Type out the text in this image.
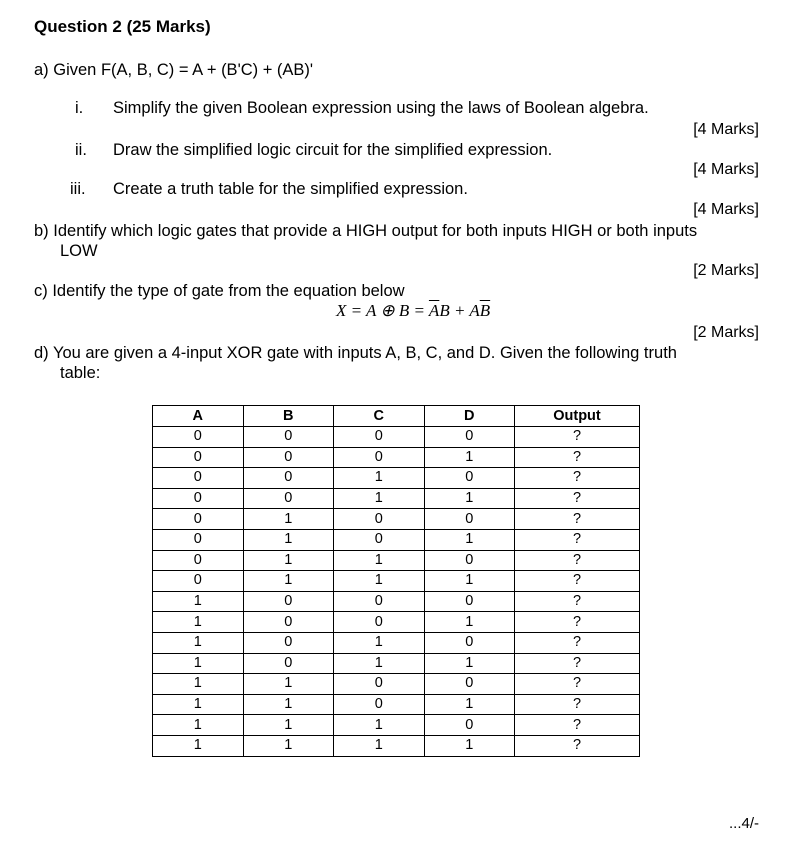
Question 2 (25 Marks)
a) Given F(A, B, C) = A + (B'C) + (AB)'
i. Simplify the given Boolean expression using the laws of Boolean algebra.
[4 Marks]
ii. Draw the simplified logic circuit for the simplified expression.
[4 Marks]
iii. Create a truth table for the simplified expression.
[4 Marks]
b) Identify which logic gates that provide a HIGH output for both inputs HIGH or both inputs
LOW
[2 Marks]
c) Identify the type of gate from the equation below
X = A ⊕ $B = \overline{A}B + A\overline{B}$
[2 Marks]
d) You are given a 4-input XOR gate with inputs A, B, C, and D. Given the following truth
table:
A	B	C	D	Output
0	0	0	0	?
0	0	0	1	?
0	0	1	0	?
0	0	1	1	?
0	1	0	0	?
0	1	0	1	?
0	1	1	0	?
0	1	1	1	?
1	0	0	0	?
1	0	0	1	?
1	0	1	0	?
1	0	1	1	?
1	1	0	0	?
1	1	0	1	?
1	1	1	0	?
1	1	1	1	?
...4/-
